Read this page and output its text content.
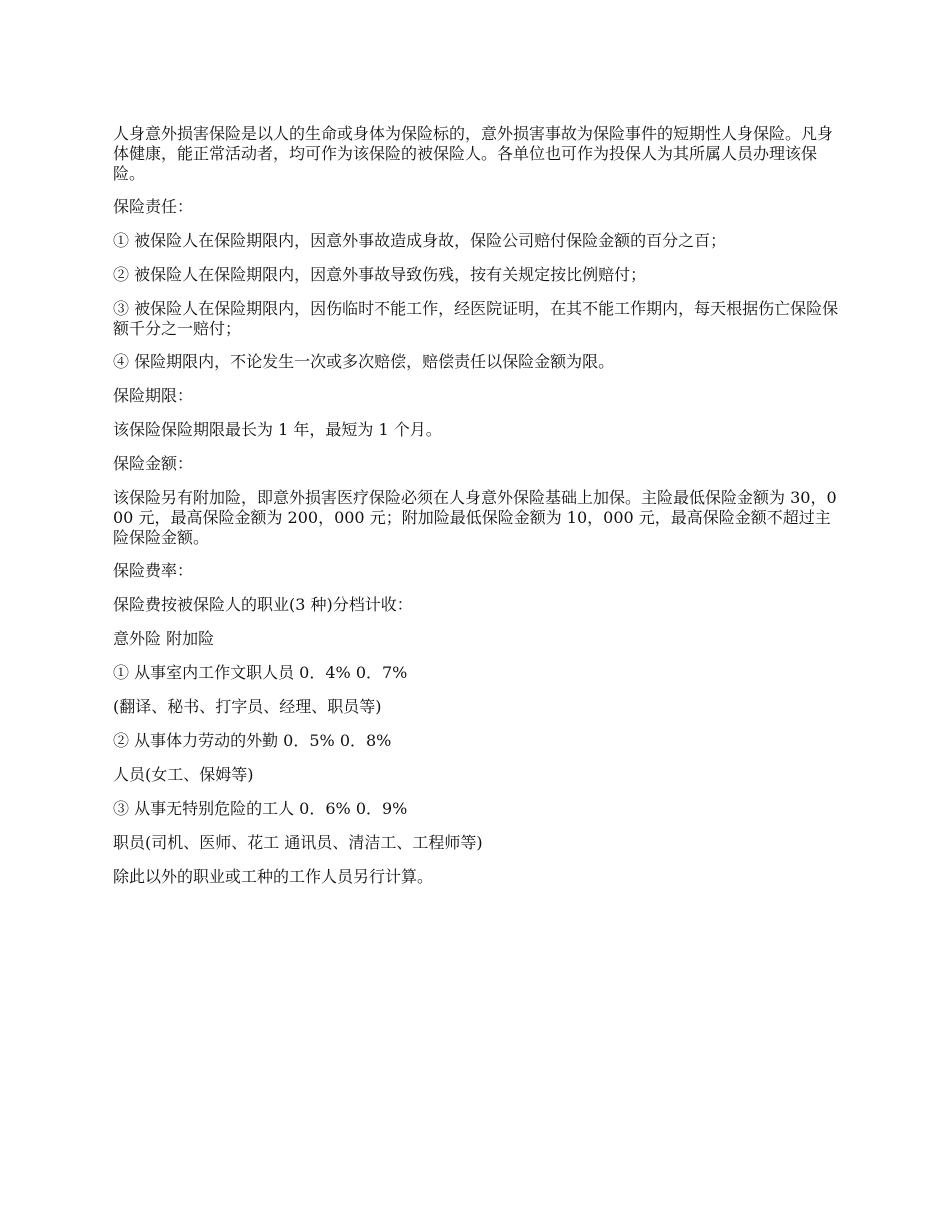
人身意外损害保险是以人的生命或身体为保险标的，意外损害事故为保险事件的短期性人身保险。凡身体健康，能正常活动者，均可作为该保险的被保险人。各单位也可作为投保人为其所属人员办理该保险。

保险责任：

① 被保险人在保险期限内，因意外事故造成身故，保险公司赔付保险金额的百分之百；

② 被保险人在保险期限内，因意外事故导致伤残，按有关规定按比例赔付；

③ 被保险人在保险期限内，因伤临时不能工作，经医院证明，在其不能工作期内，每天根据伤亡保险保额千分之一赔付；

④ 保险期限内，不论发生一次或多次赔偿，赔偿责任以保险金额为限。

保险期限：

该保险保险期限最长为 1 年，最短为 1 个月。

保险金额：

该保险另有附加险，即意外损害医疗保险必须在人身意外保险基础上加保。主险最低保险金额为 30，000 元，最高保险金额为 200，000 元；附加险最低保险金额为 10，000 元，最高保险金额不超过主险保险金额。

保险费率：

保险费按被保险人的职业(3 种)分档计收：

意外险 附加险

① 从事室内工作文职人员 0．4% 0．7%

(翻译、秘书、打字员、经理、职员等)

② 从事体力劳动的外勤 0．5% 0．8%

人员(女工、保姆等)

③ 从事无特别危险的工人 0．6% 0．9%

职员(司机、医师、花工 通讯员、清洁工、工程师等)

除此以外的职业或工种的工作人员另行计算。
